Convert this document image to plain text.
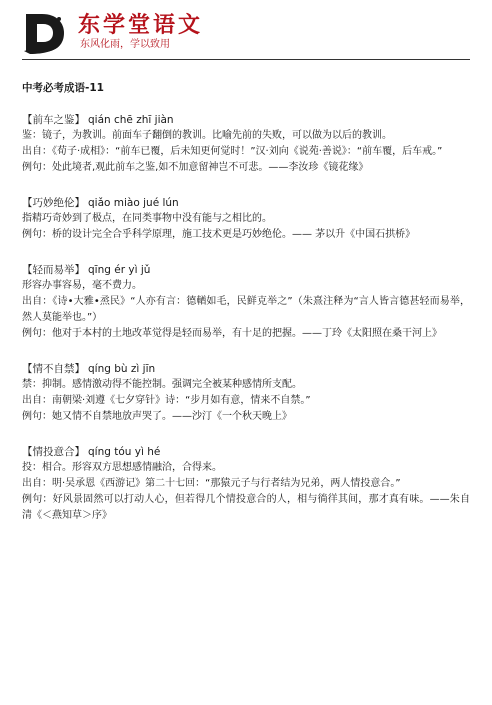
东学堂语文
东风化雨，学以致用
中考必考成语-11

【前车之鉴】 qián chē zhī jiàn

鉴：镜子，为教训。前面车子翻倒的教训。比喻先前的失败，可以做为以后的教训。

出自：《荀子·成相》：“前车已覆，后未知更何觉时！”汉·刘向《说苑·善说》：“前车覆，后车戒。”

例句：处此境者,观此前车之鉴,如不加意留神岂不可悲。——李汝珍《镜花缘》

【巧妙绝伦】 qiǎo miào jué lún

指精巧奇妙到了极点，在同类事物中没有能与之相比的。

例句：桥的设计完全合乎科学原理，施工技术更是巧妙绝伦。—— 茅以升《中国石拱桥》

【轻而易举】 qīng ér yì jǔ

形容办事容易，毫不费力。

出自：《诗•大雅•烝民》“人亦有言：德輶如毛，民鲜克举之”（朱熹注释为“言人皆言德甚轻而易举，然人莫能举也。”）

例句：他对于本村的土地改革觉得是轻而易举，有十足的把握。——丁玲《太阳照在桑干河上》

【情不自禁】 qíng bù zì jīn

禁：抑制。感情激动得不能控制。强调完全被某种感情所支配。

出自：南朝梁·刘遵《七夕穿针》诗：“步月如有意，情来不自禁。”

例句：她又情不自禁地放声哭了。——沙汀《一个秋天晚上》

【情投意合】 qíng tóu yì hé

投：相合。形容双方思想感情融洽，合得来。

出自：明·吴承恩《西游记》第二十七回：“那猿元子与行者结为兄弟，两人情投意合。”

例句：好风景固然可以打动人心，但若得几个情投意合的人，相与徜徉其间，那才真有味。——朱自清《＜燕知草＞序》
